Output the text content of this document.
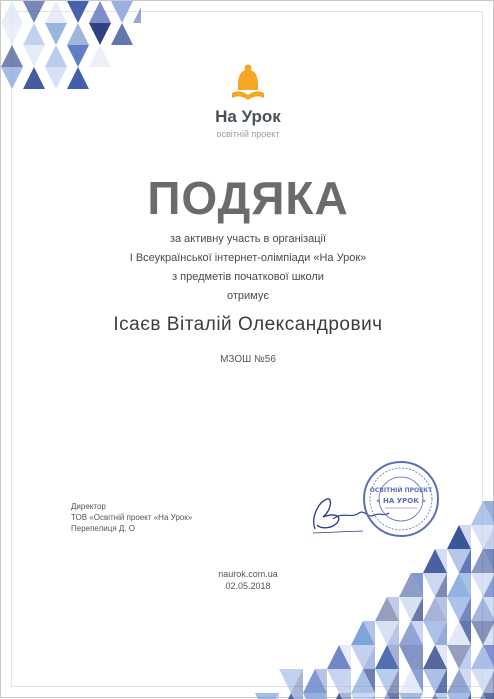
На Урок
освітній проект
ПОДЯКА
за активну участь в організації
І Всеукраїнської інтернет-олімпіади «На Урок»
з предметів початкової школи
отримує
Ісаєв Віталій Олександрович
МЗОШ №56
Директор
ТОВ «Освітній проект «На Урок»
Перепелиця Д. О
ОСВІТНІЙ ПРОЕКТ
« НА УРОК »
naurok.com.ua
02.05.2018
